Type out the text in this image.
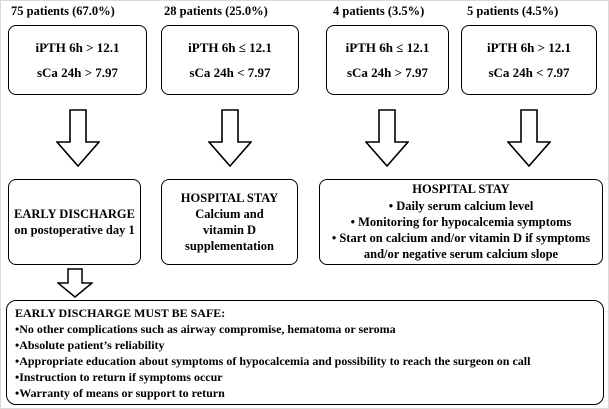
75 patients (67.0%)	28 patients (25.0%)	4 patients (3.5%)	5 patients (4.5%)
iPTH 6h > 12.1
sCa 24h > 7.97
iPTH 6h ≤ 12.1
sCa 24h < 7.97
iPTH 6h ≤ 12.1
sCa 24h > 7.97
iPTH 6h > 12.1
sCa 24h < 7.97
EARLY DISCHARGE
on postoperative day 1
HOSPITAL STAY
Calcium and
vitamin D
supplementation
HOSPITAL STAY
• Daily serum calcium level
• Monitoring for hypocalcemia symptoms
• Start on calcium and/or vitamin D if symptoms
and/or negative serum calcium slope
EARLY DISCHARGE MUST BE SAFE:
•No other complications such as airway compromise, hematoma or seroma
•Absolute patient’s reliability
•Appropriate education about symptoms of hypocalcemia and possibility to reach the surgeon on call
•Instruction to return if symptoms occur
•Warranty of means or support to return
